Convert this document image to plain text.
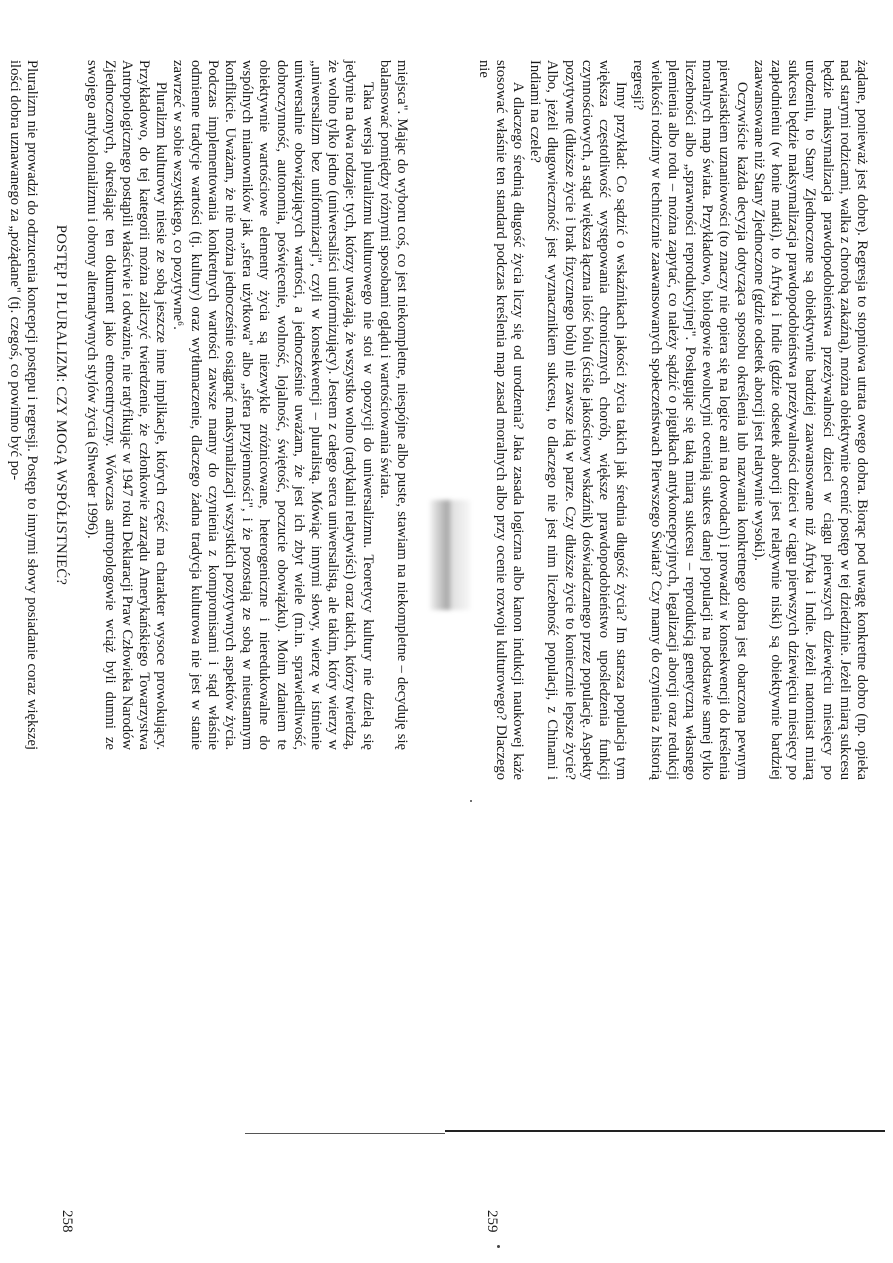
miejsca". Mając do wyboru coś, co jest niekompletne, niespójne albo puste, stawiam na niekompletne – decyduję się balansować pomiędzy różnymi sposobami oglądu i wartościowania świata.

Taka wersja pluralizmu kulturowego nie stoi w opozycji do uniwersalizmu. Teoretycy kultury nie dzielą się jedynie na dwa rodzaje: tych, którzy uważają, że wszystko wolno (radykalni relatywiści) oraz takich, którzy twierdzą, że wolno tylko jedno (uniwersaliści uniformizujący). Jestem z całego serca uniwersalistą, ale takim, który wierzy w „uniwersalizm bez uniformizacji", czyli w konsekwencji – pluralistą. Mówiąc innymi słowy, wierzę w istnienie uniwersalnie obowiązujących wartości, a jednocześnie uważam, że jest ich zbyt wiele (m.in. sprawiedliwość, dobroczynność, autonomia, poświęcenie, wolność, lojalność, świętość, poczucie obowiązku). Moim zdaniem te obiektywnie wartościowe elementy życia są niezwykle zróżnicowane, heterogeniczne i nieredukowalne do wspólnych mianowników jak „sfera użytkowa" albo „sfera przyjemności", i że pozostają ze sobą w nieustannym konflikcie. Uważam, że nie można jednocześnie osiągnąć maksymalizacji wszystkich pozytywnych aspektów życia. Podczas implementowania konkretnych wartości zawsze mamy do czynienia z kompromisami i stąd właśnie odmienne tradycje wartości (tj. kultury) oraz wytłumaczenie, dlaczego żadna tradycja kulturowa nie jest w stanie zawrzeć w sobie wszystkiego, co pozytywne⁶.

Pluralizm kulturowy niesie ze sobą jeszcze inne implikacje, których część ma charakter wysoce prowokujący. Przykładowo, do tej kategorii można zaliczyć twierdzenie, że członkowie zarządu Amerykańskiego Towarzystwa Antropologicznego postąpili właściwie i odważnie, nie ratyfikując w 1947 roku Deklaracji Praw Człowieka Narodów Zjednoczonych, określając ten dokument jako etnocentryczny. Wówczas antropologowie wciąż byli dumni ze swojego antykolonializmu i obrony alternatywnych stylów życia (Shweder 1996).

POSTĘP I PLURALIZM: CZY MOGĄ WSPÓŁISTNIEĆ?

Pluralizm nie prowadzi do odrzucenia koncepcji postępu i regresji. Postęp to innymi słowy posiadanie coraz większej ilości dobra uznawanego za „pożądane" (tj. czegoś, co powinno być po-

258

żądane, ponieważ jest dobre). Regresja to stopniowa utrata owego dobra. Biorąc pod uwagę konkretne dobro (np. opieka nad starymi rodzicami, walka z chorobą zakaźną), można obiektywnie ocenić postęp w tej dziedzinie. Jeżeli miarą sukcesu będzie maksymalizacja prawdopodobieństwa przeżywalności dzieci w ciągu pierwszych dziewięciu miesięcy po urodzeniu, to Stany Zjednoczone są obiektywnie bardziej zaawansowane niż Afryka i Indie. Jeżeli natomiast miarą sukcesu będzie maksymalizacja prawdopodobieństwa przeżywalności dzieci w ciągu pierwszych dziewięciu miesięcy po zapłodnieniu (w łonie matki), to Afryka i Indie (gdzie odsetek aborcji jest relatywnie niski) są obiektywnie bardziej zaawansowane niż Stany Zjednoczone (gdzie odsetek aborcji jest relatywnie wysoki).

Oczywiście każda decyzja dotycząca sposobu określenia lub nazwania konkretnego dobra jest obarczona pewnym pierwiastkiem uznaniowości (to znaczy nie opiera się na logice ani na dowodach) i prowadzi w konsekwencji do kreślenia moralnych map świata. Przykładowo, biologowie ewolucyjni oceniają sukces danej populacji na podstawie samej tylko liczebności albo „sprawności reprodukcyjnej". Posługując się taką miarą sukcesu – reprodukcją genetyczną własnego plemienia albo rodu – można zapytać, co należy sądzić o pigułkach antykoncepcyjnych, legalizacji aborcji oraz redukcji wielkości rodziny w technicznie zaawansowanych społeczeństwach Pierwszego Świata? Czy mamy do czynienia z historią regresji?

Inny przykład: Co sądzić o wskaźnikach jakości życia takich jak średnia długość życia? Im starsza populacja tym większa częstotliwość występowania chronicznych chorób, większe prawdopodobieństwo upośledzenia funkcji czynnościowych, a stąd większa łączna ilość bólu (ściśle jakościowy wskaźnik) doświadczanego przez populację. Aspekty pozytywne (dłuższe życie i brak fizycznego bólu) nie zawsze idą w parze. Czy dłuższe życie to koniecznie lepsze życie? Albo, jeżeli długowieczność jest wyznacznikiem sukcesu, to dlaczego nie jest nim liczebność populacji, z Chinami i Indiami na czele?

A dlaczego średnią długość życia liczy się od urodzenia? Jaka zasada logiczna albo kanon indukcji naukowej każe stosować właśnie ten standard podczas kreślenia map zasad moralnych albo przy ocenie rozwoju kulturowego? Dlaczego nie

259
